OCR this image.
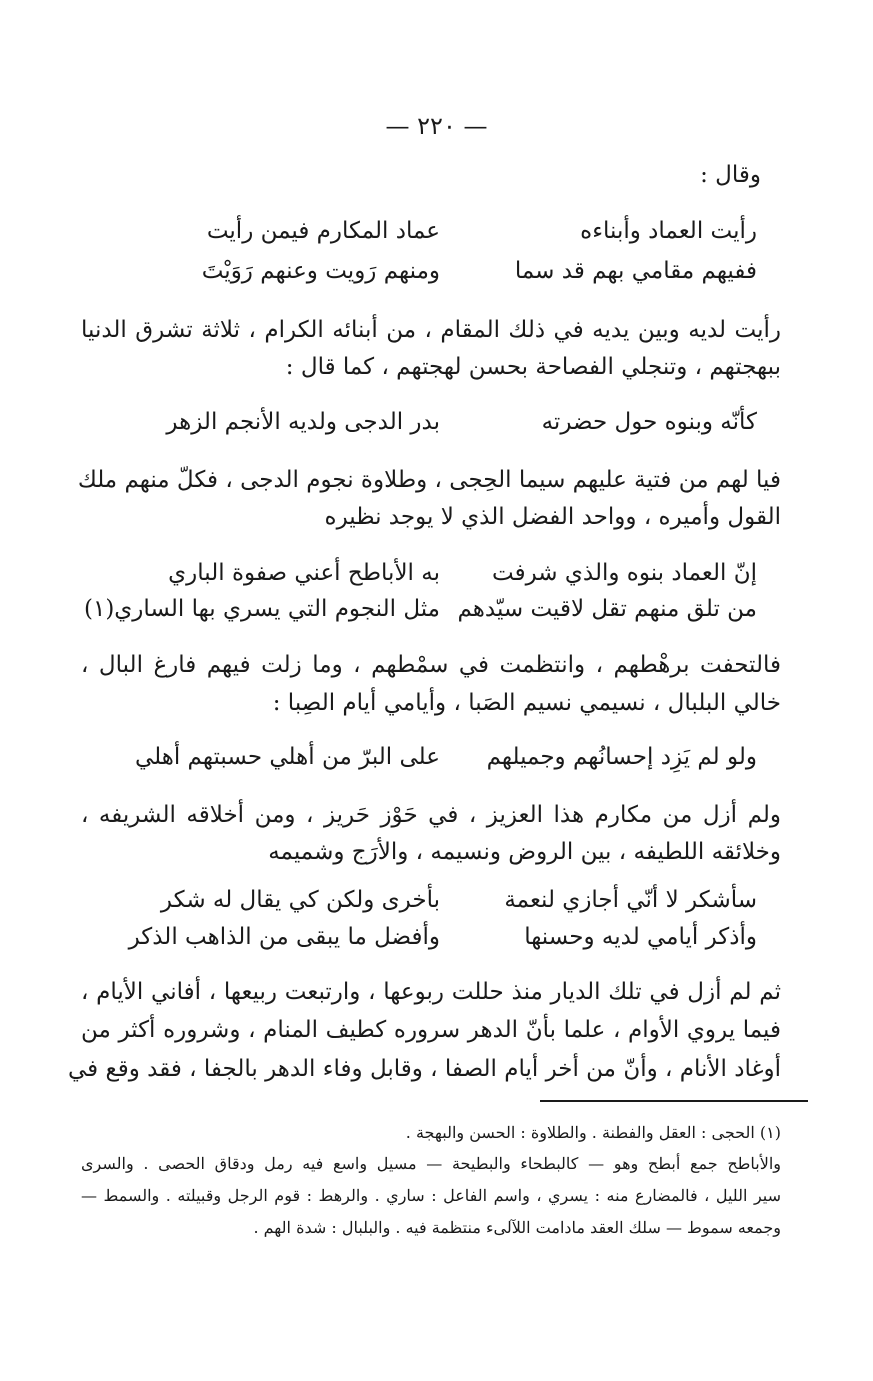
— ٢٢٠ —
وقال :
رأيت العماد وأبناءه
عماد المكارم فيمن رأيت
ففيهم مقامي بهم قد سما
ومنهم رَويت وعنهم رَوَيْتَ
رأيت لديه وبين يديه في ذلك المقام ، من أبنائه الكرام ، ثلاثة تشرق الدنيا
ببهجتهم ، وتنجلي الفصاحة بحسن لهجتهم ، كما قال :
كأنّه وبنوه حول حضرته
بدر الدجى ولديه الأنجم الزهر
فيا لهم من فتية عليهم سيما الحِجى ، وطلاوة نجوم الدجى ، فكلّ منهم ملك
القول وأميره ، وواحد الفضل الذي لا يوجد نظيره
إنّ العماد بنوه والذي شرفت
به الأباطح أعني صفوة الباري
من تلق منهم تقل لاقيت سيّدهم
مثل النجوم التي يسري بها الساري(١)
فالتحفت برهْطهم ، وانتظمت في سمْطهم ، وما زلت فيهم فارغ البال ،
خالي البلبال ، نسيمي نسيم الصَبا ، وأيامي أيام الصِبا :
ولو لم يَزِد إحسانُهم وجميلهم
على البرّ من أهلي حسبتهم أهلي
ولم أزل من مكارم هذا العزيز ، في حَوْز حَريز ، ومن أخلاقه الشريفه ،
وخلائقه اللطيفه ، بين الروض ونسيمه ، والأرَج وشميمه
سأشكر لا أنّي أجازي لنعمة
بأخرى ولكن كي يقال له شكر
وأذكر أيامي لديه وحسنها
وأفضل ما يبقى من الذاهب الذكر
ثم لم أزل في تلك الديار منذ حللت ربوعها ، وارتبعت ربيعها ، أفاني الأيام ،
فيما يروي الأوام ، علما بأنّ الدهر سروره كطيف المنام ، وشروره أكثر من
أوغاد الأنام ، وأنّ من أخر أيام الصفا ، وقابل وفاء الدهر بالجفا ، فقد وقع في
(١) الحجى : العقل والفطنة . والطلاوة : الحسن والبهجة .
والأباطح جمع أبطح وهو — كالبطحاء والبطيحة — مسيل واسع فيه رمل ودقاق الحصى . والسرى
سير الليل ، فالمضارع منه : يسري ، واسم الفاعل : ساري . والرهط : قوم الرجل وقبيلته . والسمط —
وجمعه سموط — سلك العقد مادامت اللآلىء منتظمة فيه . والبلبال : شدة الهم .
